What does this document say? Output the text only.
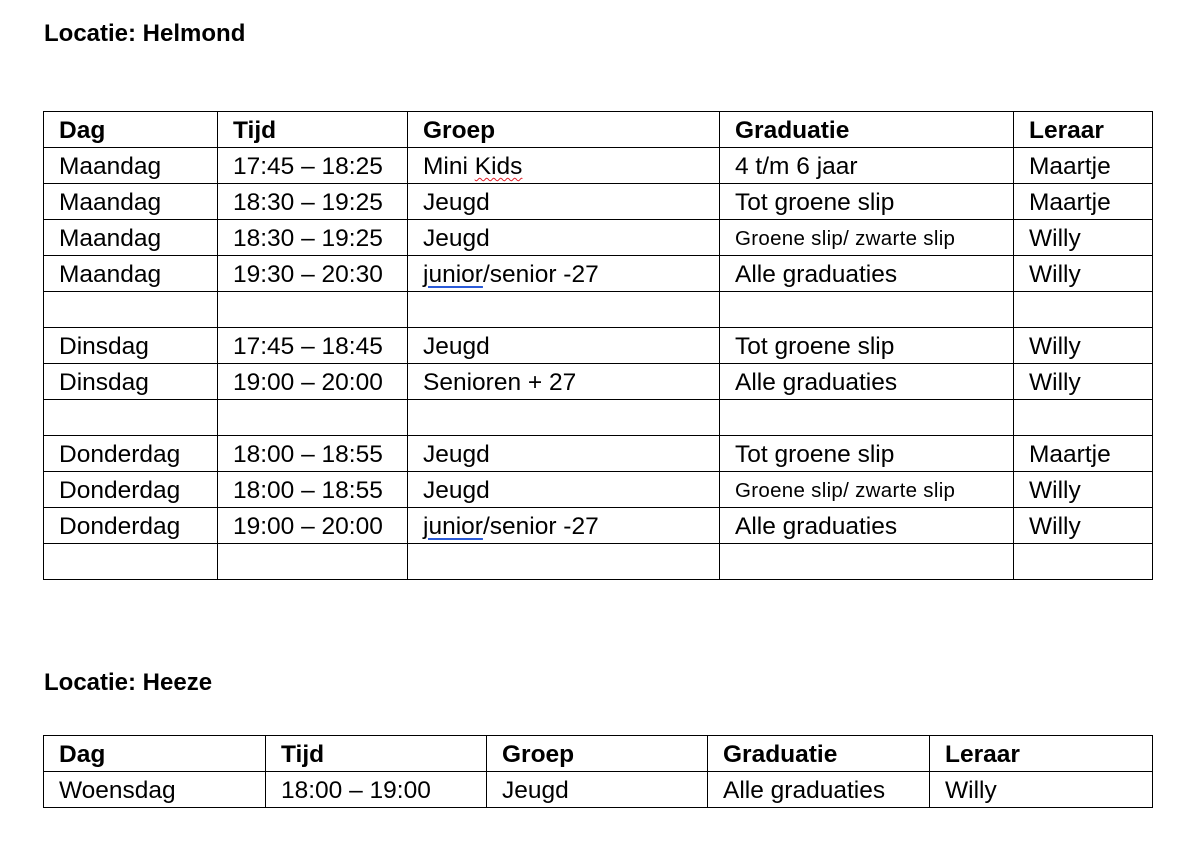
Locatie: Helmond
Dag	Tijd	Groep	Graduatie	Leraar
Maandag	17:45 – 18:25	Mini Kids	4 t/m 6 jaar	Maartje
Maandag	18:30 – 19:25	Jeugd	Tot groene slip	Maartje
Maandag	18:30 – 19:25	Jeugd	Groene slip/ zwarte slip	Willy
Maandag	19:30 – 20:30	junior/senior -27	Alle graduaties	Willy

Dinsdag	17:45 – 18:45	Jeugd	Tot groene slip	Willy
Dinsdag	19:00 – 20:00	Senioren + 27	Alle graduaties	Willy

Donderdag	18:00 – 18:55	Jeugd	Tot groene slip	Maartje
Donderdag	18:00 – 18:55	Jeugd	Groene slip/ zwarte slip	Willy
Donderdag	19:00 – 20:00	junior/senior -27	Alle graduaties	Willy

Locatie: Heeze
Dag	Tijd	Groep	Graduatie	Leraar
Woensdag	18:00 – 19:00	Jeugd	Alle graduaties	Willy
